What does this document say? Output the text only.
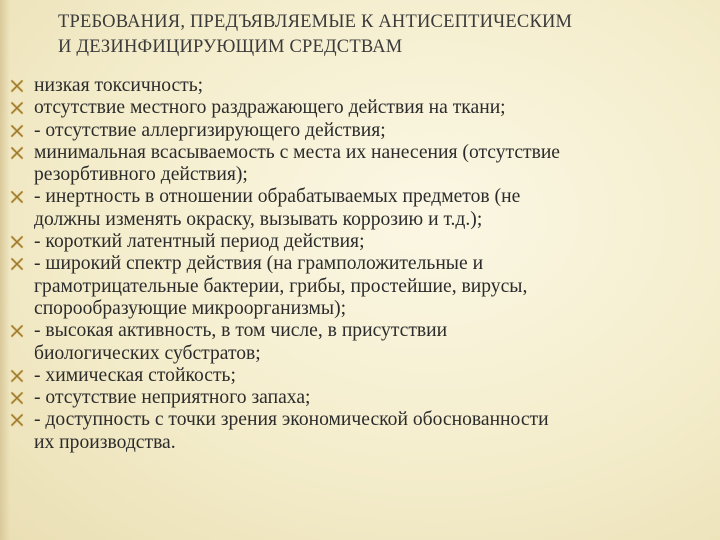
ТРЕБОВАНИЯ, ПРЕДЪЯВЛЯЕМЫЕ К АНТИСЕПТИЧЕСКИМ
И ДЕЗИНФИЦИРУЮЩИМ СРЕДСТВАМ
низкая токсичность;
отсутствие местного раздражающего действия на ткани;
- отсутствие аллергизирующего действия;
минимальная всасываемость с места их нанесения (отсутствие
резорбтивного действия);
- инертность в отношении обрабатываемых предметов (не
должны изменять окраску, вызывать коррозию и т.д.);
- короткий латентный период действия;
- широкий спектр действия (на грамположительные и
грамотрицательные бактерии, грибы, простейшие, вирусы,
спорообразующие микроорганизмы);
- высокая активность, в том числе, в присутствии
биологических субстратов;
- химическая стойкость;
- отсутствие неприятного запаха;
- доступность с точки зрения экономической обоснованности
их производства.
